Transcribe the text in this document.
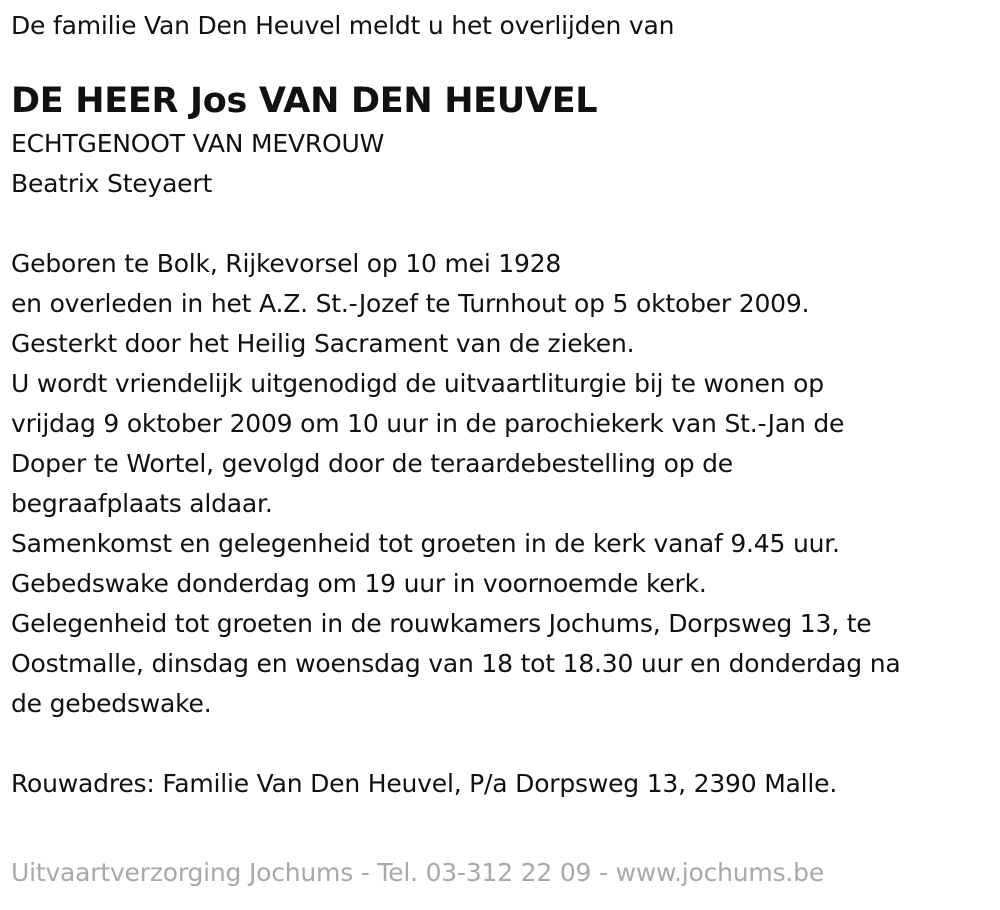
De familie Van Den Heuvel meldt u het overlijden van

DE HEER Jos VAN DEN HEUVEL

ECHTGENOOT VAN MEVROUW

Beatrix Steyaert

Geboren te Bolk, Rijkevorsel op 10 mei 1928

en overleden in het A.Z. St.-Jozef te Turnhout op 5 oktober 2009.

Gesterkt door het Heilig Sacrament van de zieken.

U wordt vriendelijk uitgenodigd de uitvaartliturgie bij te wonen op

vrijdag 9 oktober 2009 om 10 uur in de parochiekerk van St.-Jan de

Doper te Wortel, gevolgd door de teraardebestelling op de

begraafplaats aldaar.

Samenkomst en gelegenheid tot groeten in de kerk vanaf 9.45 uur.

Gebedswake donderdag om 19 uur in voornoemde kerk.

Gelegenheid tot groeten in de rouwkamers Jochums, Dorpsweg 13, te

Oostmalle, dinsdag en woensdag van 18 tot 18.30 uur en donderdag na

de gebedswake.

Rouwadres: Familie Van Den Heuvel, P/a Dorpsweg 13, 2390 Malle.

Uitvaartverzorging Jochums - Tel. 03-312 22 09 - www.jochums.be
